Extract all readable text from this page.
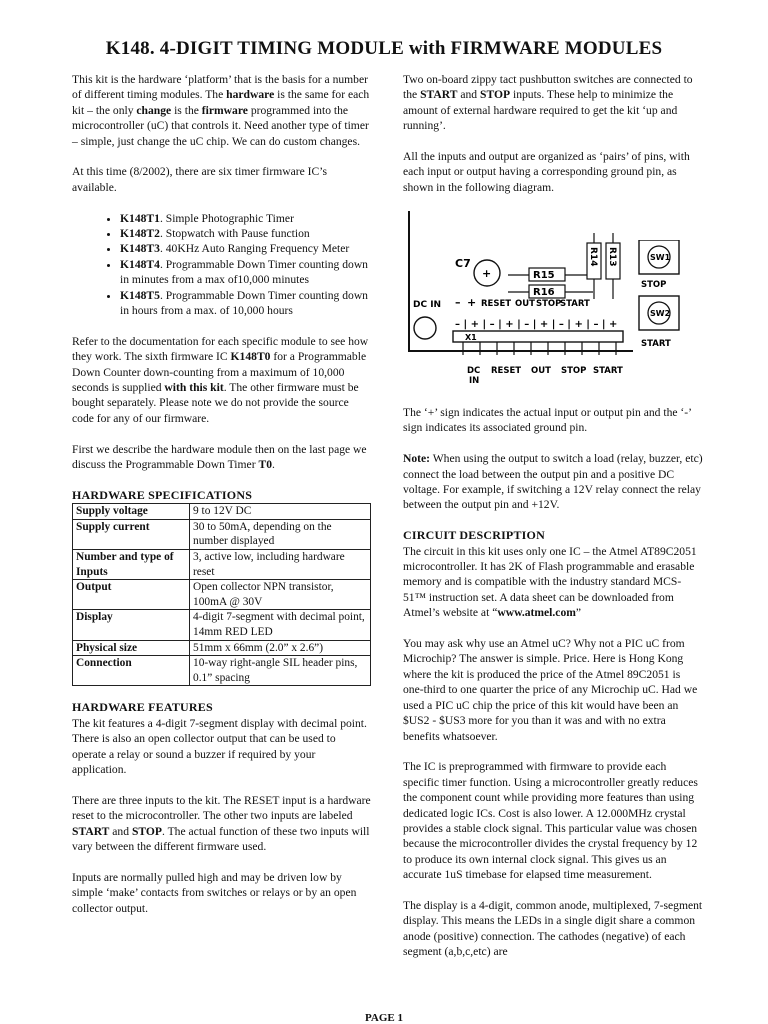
K148. 4-DIGIT TIMING MODULE with FIRMWARE MODULES

This kit is the hardware ‘platform’ that is the basis for a number of different timing modules. The hardware is the same for each kit – the only change is the firmware programmed into the microcontroller (uC) that controls it. Need another type of timer – simple, just change the uC chip. We can do custom changes.

At this time (8/2002), there are six timer firmware IC’s available.

• K148T1. Simple Photographic Timer
• K148T2. Stopwatch with Pause function
• K148T3. 40KHz Auto Ranging Frequency Meter
• K148T4. Programmable Down Timer counting down in minutes from a max of10,000 minutes
• K148T5. Programmable Down Timer counting down in hours from a max. of 10,000 hours

Refer to the documentation for each specific module to see how they work. The sixth firmware IC K148T0 for a Programmable Down Counter down-counting from a maximum of 10,000 seconds is supplied with this kit. The other firmware must be bought separately. Please note we do not provide the source code for any of our firmware.

First we describe the hardware module then on the last page we discuss the Programmable Down Timer T0.

HARDWARE SPECIFICATIONS
Supply voltage	9 to 12V DC
Supply current	30 to 50mA, depending on the number displayed
Number and type of Inputs	3, active low, including hardware reset
Output	Open collector NPN transistor, 100mA @ 30V
Display	4-digit 7-segment with decimal point, 14mm RED LED
Physical size	51mm x 66mm (2.0” x 2.6”)
Connection	10-way right-angle SIL header pins, 0.1” spacing
HARDWARE FEATURES

The kit features a 4-digit 7-segment display with decimal point. There is also an open collector output that can be used to operate a relay or sound a buzzer if required by your application.

There are three inputs to the kit. The RESET input is a hardware reset to the microcontroller. The other two inputs are labeled START and STOP. The actual function of these two inputs will vary between the different firmware used.

Inputs are normally pulled high and may be driven low by simple ‘make’ contacts from switches or relays or by an open collector output.

Two on-board zippy tact pushbutton switches are connected to the START and STOP inputs. These help to minimize the amount of external hardware required to get the kit ‘up and running’.

All the inputs and output are organized as ‘pairs’ of pins, with each input or output having a corresponding ground pin, as shown in the following diagram.

C7
+	R15
R16
R14 R13
DC IN – + RESET OUT STOP
START
– | + | – | + | – | + | – | + | – | +
X1
DC
IN
RESET OUT STOP START

The ‘+’ sign indicates the actual input or output pin and the ‘-’ sign indicates its associated ground pin.

Note: When using the output to switch a load (relay, buzzer, etc) connect the load between the output pin and a positive DC voltage. For example, if switching a 12V relay connect the relay between the output pin and +12V.

CIRCUIT DESCRIPTION

The circuit in this kit uses only one IC – the Atmel AT89C2051 microcontroller. It has 2K of Flash programmable and erasable memory and is compatible with the industry standard MCS-51™ instruction set. A data sheet can be downloaded from Atmel’s website at “www.atmel.com”

You may ask why use an Atmel uC? Why not a PIC uC from Microchip? The answer is simple. Price. Here is Hong Kong where the kit is produced the price of the Atmel 89C2051 is one-third to one quarter the price of any Microchip uC. Had we used a PIC uC chip the price of this kit would have been an $US2 - $US3 more for you than it was and with no extra benefits whatsoever.

The IC is preprogrammed with firmware to provide each specific timer function. Using a microcontroller greatly reduces the component count while providing more features than using dedicated logic ICs. Cost is also lower. A 12.000MHz crystal provides a stable clock signal. This particular value was chosen because the microcontroller divides the crystal frequency by 12 to produce its own internal clock signal. This gives us an accurate 1uS timebase for elapsed time measurement.

The display is a 4-digit, common anode, multiplexed, 7-segment display. This means the LEDs in a single digit share a common anode (positive) connection. The cathodes (negative) of each segment (a,b,c,etc) are

PAGE 1
SW1
STOP
SW2
START
